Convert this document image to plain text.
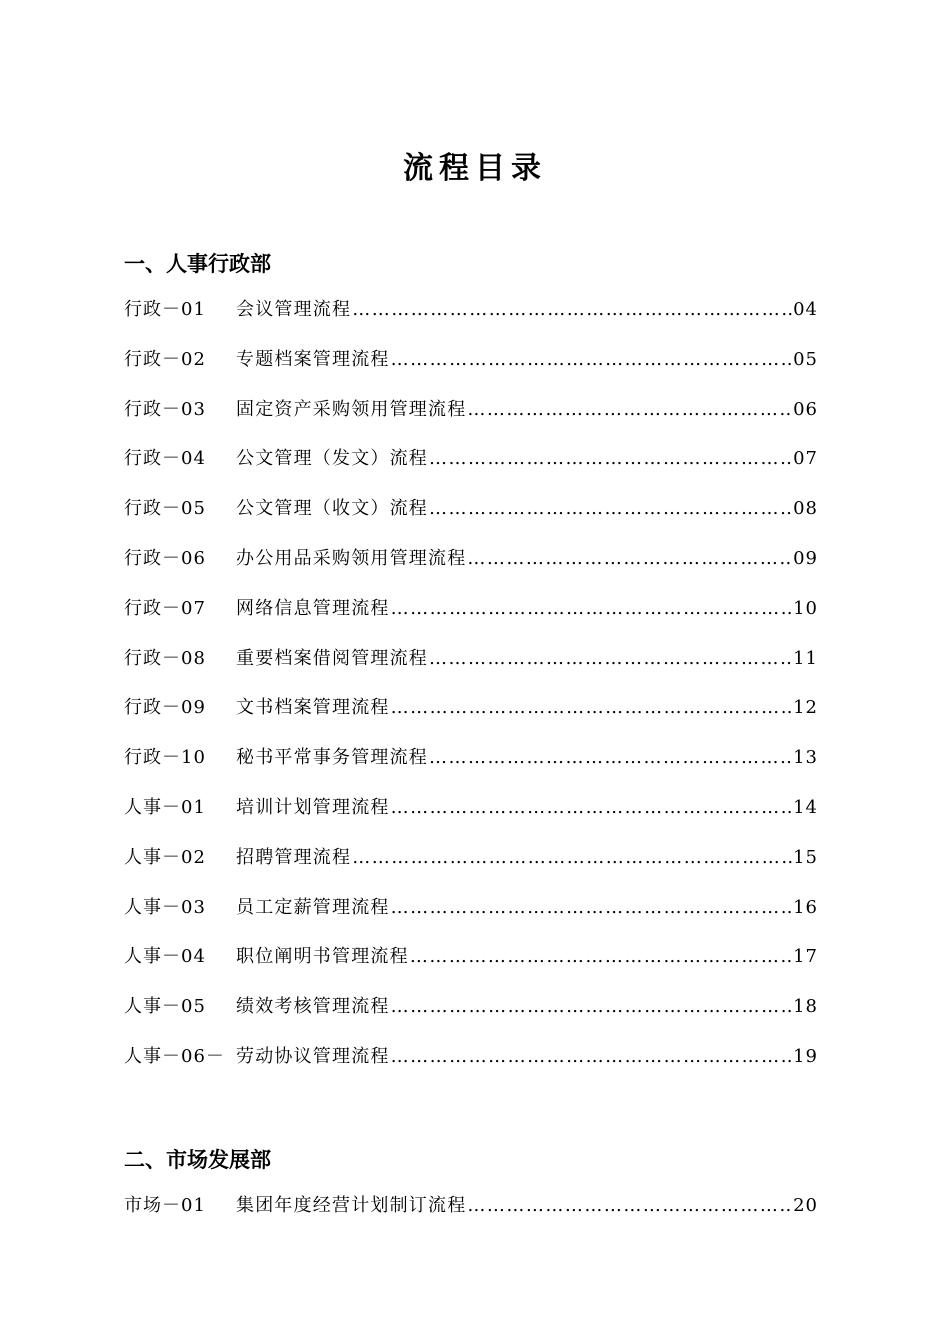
流程目录
一、人事行政部
行政－01	会议管理流程 ……………………………………………………………………………………………………………………………………	04
行政－02	专题档案管理流程 ……………………………………………………………………………………………………………………………………	05
行政－03	固定资产采购领用管理流程 ……………………………………………………………………………………………………………………………………	06
行政－04	公文管理（发文）流程 ……………………………………………………………………………………………………………………………………	07
行政－05	公文管理（收文）流程 ……………………………………………………………………………………………………………………………………	08
行政－06	办公用品采购领用管理流程 ……………………………………………………………………………………………………………………………………	09
行政－07	网络信息管理流程 ……………………………………………………………………………………………………………………………………	10
行政－08	重要档案借阅管理流程 ……………………………………………………………………………………………………………………………………	11
行政－09	文书档案管理流程 ……………………………………………………………………………………………………………………………………	12
行政－10	秘书平常事务管理流程 ……………………………………………………………………………………………………………………………………	13
人事－01	培训计划管理流程 ……………………………………………………………………………………………………………………………………	14
人事－02	招聘管理流程 ……………………………………………………………………………………………………………………………………	15
人事－03	员工定薪管理流程 ……………………………………………………………………………………………………………………………………	16
人事－04	职位阐明书管理流程 ……………………………………………………………………………………………………………………………………	17
人事－05	绩效考核管理流程 ……………………………………………………………………………………………………………………………………	18
人事－06－ 劳动协议管理流程 ……………………………………………………………………………………………………………………………………	19
二、市场发展部
市场－01	集团年度经营计划制订流程 ……………………………………………………………………………………………………………………………………	20
